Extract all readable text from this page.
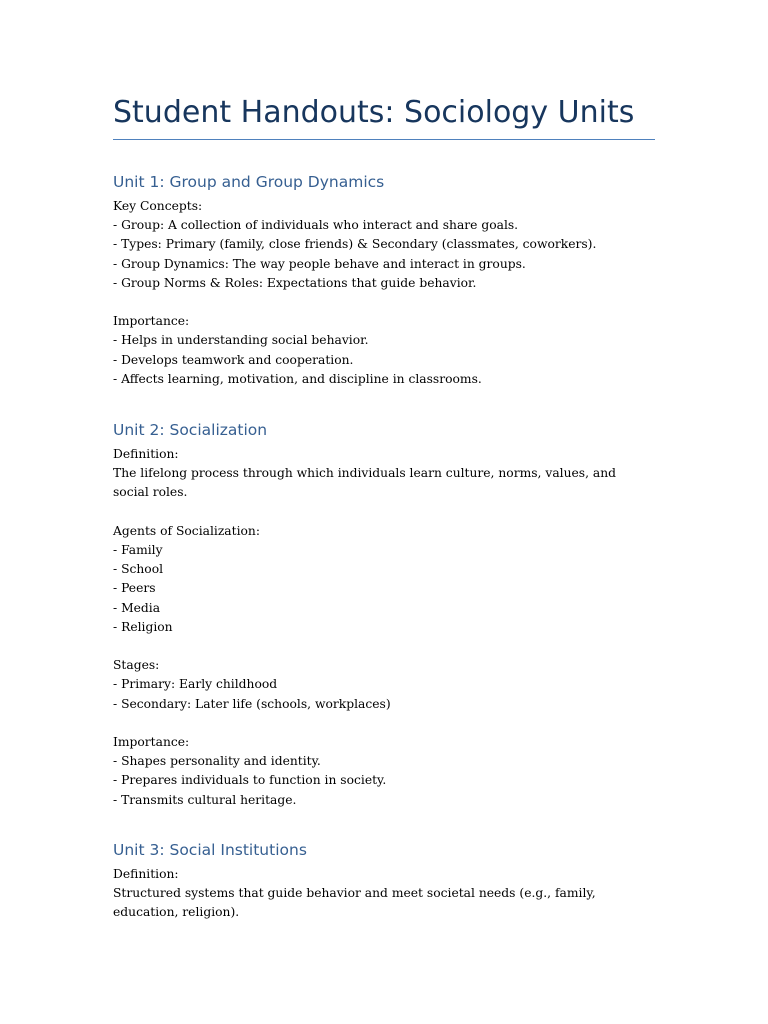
Student Handouts: Sociology Units
Unit 1: Group and Group Dynamics
Key Concepts:
- Group: A collection of individuals who interact and share goals.
- Types: Primary (family, close friends) & Secondary (classmates, coworkers).
- Group Dynamics: The way people behave and interact in groups.
- Group Norms & Roles: Expectations that guide behavior.
Importance:
- Helps in understanding social behavior.
- Develops teamwork and cooperation.
- Affects learning, motivation, and discipline in classrooms.
Unit 2: Socialization
Definition:
The lifelong process through which individuals learn culture, norms, values, and social roles.
Agents of Socialization:
- Family
- School
- Peers
- Media
- Religion
Stages:
- Primary: Early childhood
- Secondary: Later life (schools, workplaces)
Importance:
- Shapes personality and identity.
- Prepares individuals to function in society.
- Transmits cultural heritage.
Unit 3: Social Institutions
Definition:
Structured systems that guide behavior and meet societal needs (e.g., family, education, religion).
